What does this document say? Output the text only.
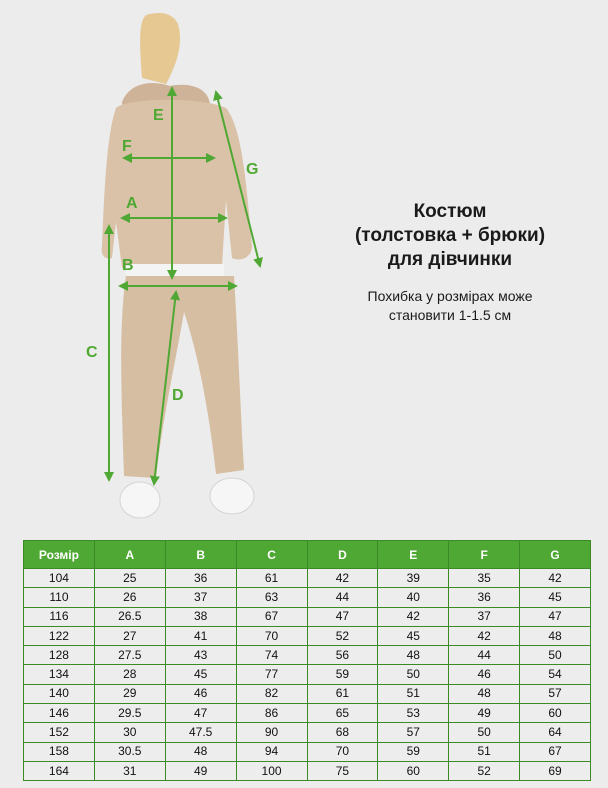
E
F
G
A
B
C
D
Костюм
(толстовка + брюки)
для дівчинки
Похибка у розмірах може
становити 1-1.5 см
Розмір	A	B	C	D	E	F	G
104	25	36	61	42	39	35	42
110	26	37	63	44	40	36	45
116	26.5	38	67	47	42	37	47
122	27	41	70	52	45	42	48
128	27.5	43	74	56	48	44	50
134	28	45	77	59	50	46	54
140	29	46	82	61	51	48	57
146	29.5	47	86	65	53	49	60
152	30	47.5	90	68	57	50	64
158	30.5	48	94	70	59	51	67
164	31	49	100	75	60	52	69
